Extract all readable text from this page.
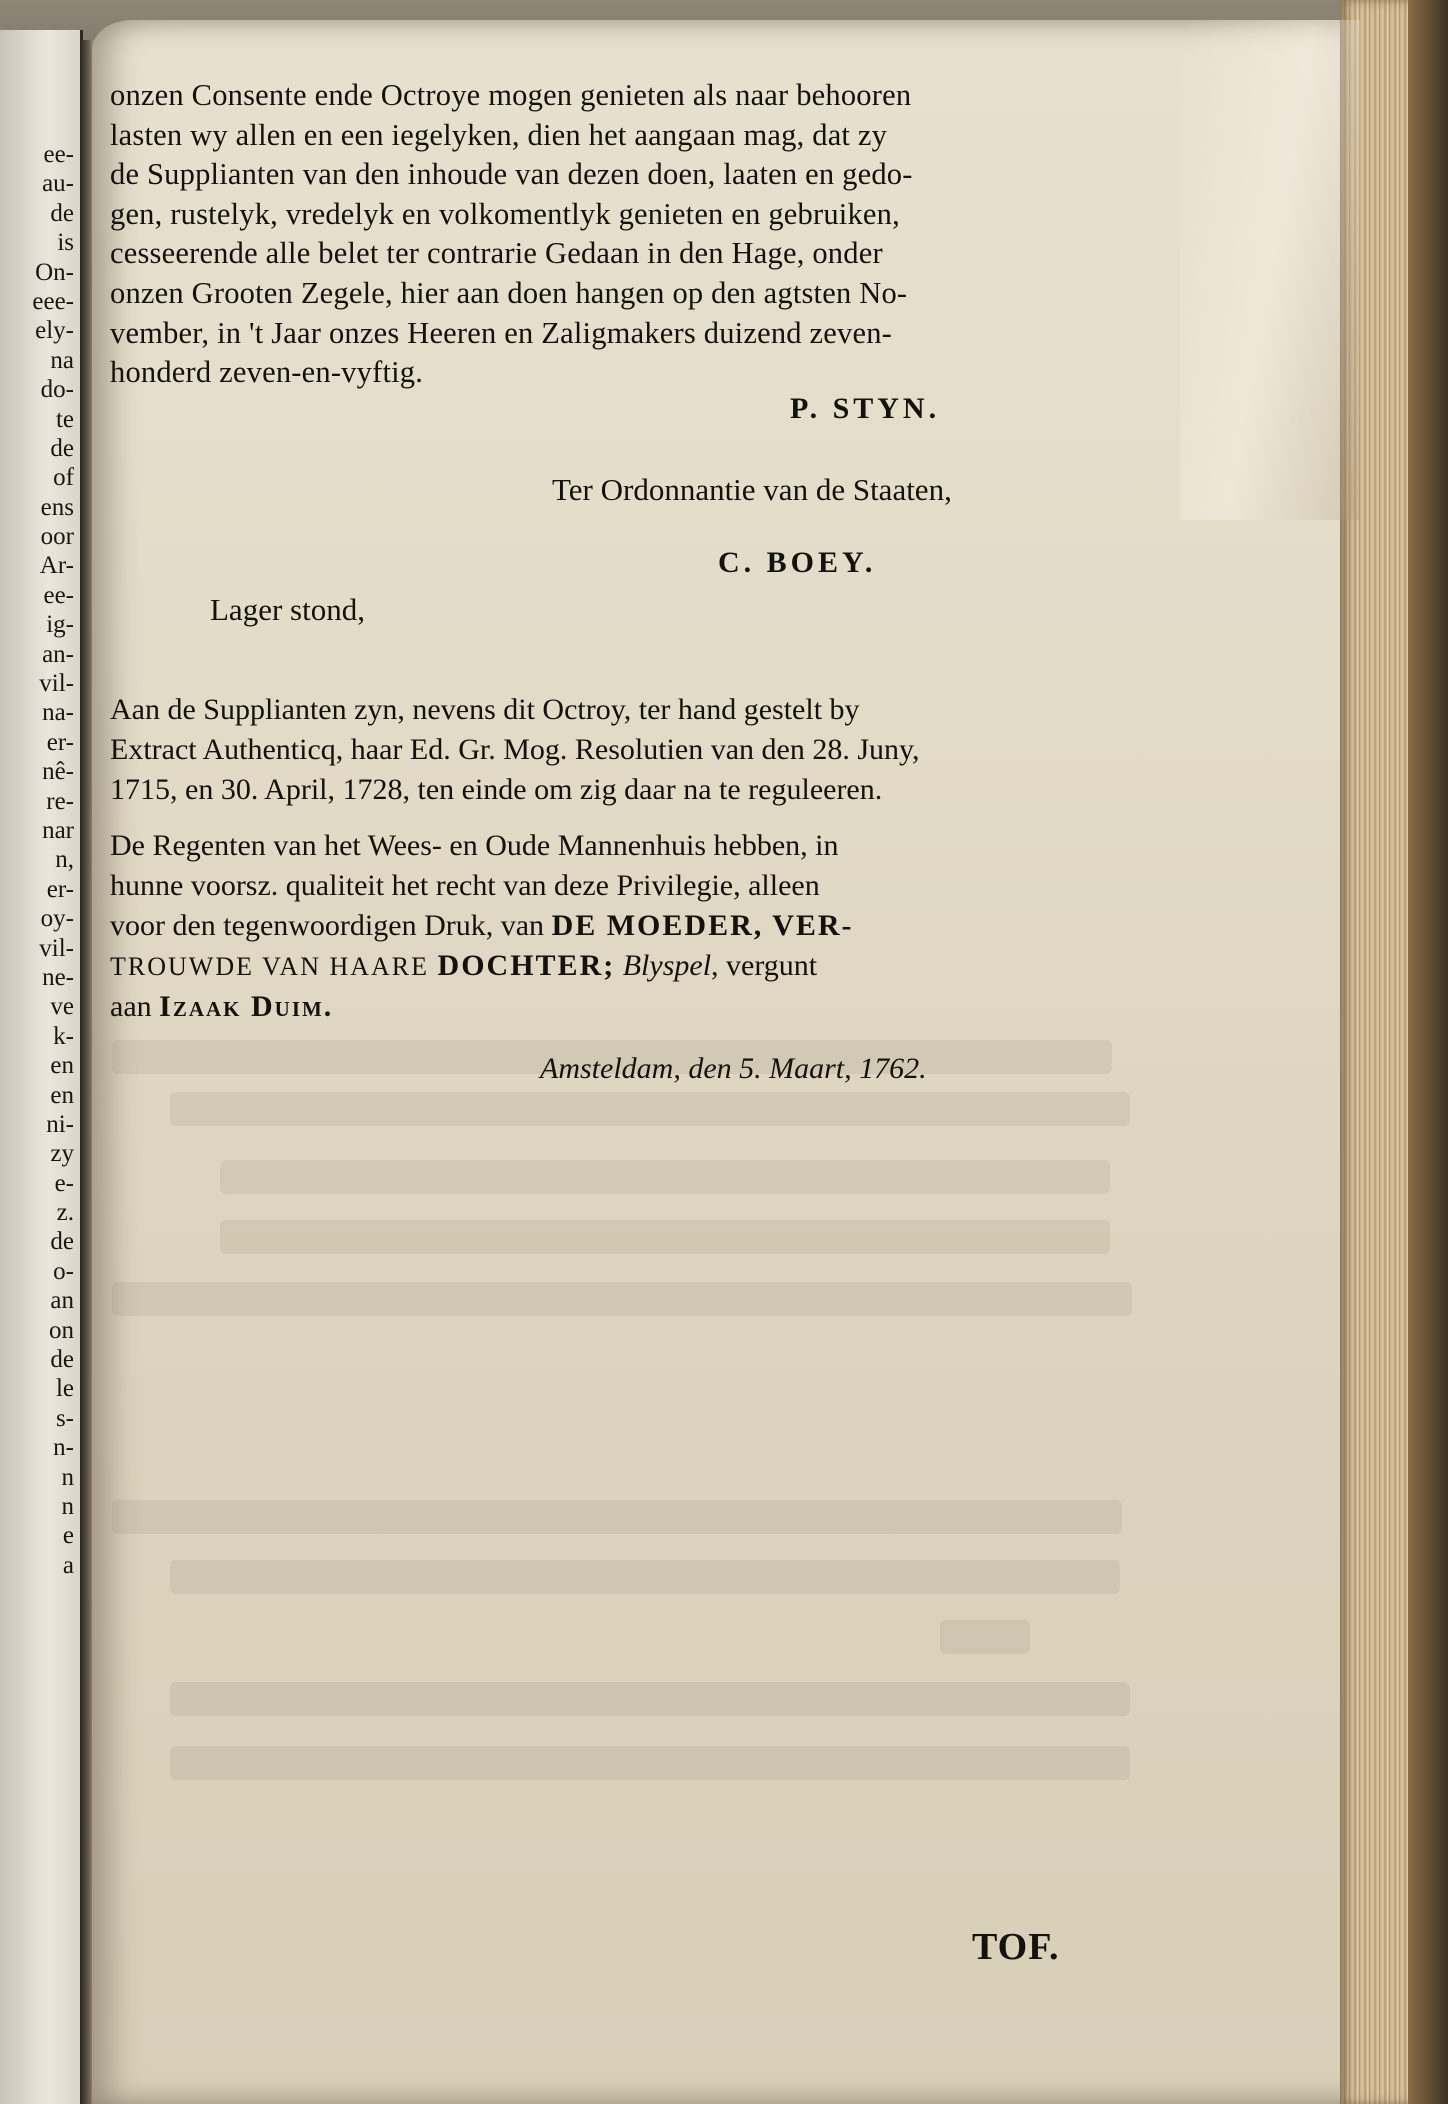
ee-
au-
de
is
On-
eee-
ely-
na
do-
te
de
of
ens
oor
Ar-
ee-
ig-
an-
vil-
na-
er-
nê-
re-
nar
n,
er-
oy-
vil-
ne-
ve
k-
en
en
ni-
zy
e-
z.
de
o-
an
on
de
le
s-
n-
n
n
e
a
onzen Consente ende Octroye mogen genieten als naar behooren
lasten wy allen en een iegelyken, dien het aangaan mag, dat zy
de Supplianten van den inhoude van dezen doen, laaten en gedo-
gen, rustelyk, vredelyk en volkomentlyk genieten en gebruiken,
cesseerende alle belet ter contrarie Gedaan in den Hage, onder
onzen Grooten Zegele, hier aan doen hangen op den agtsten No-
vember, in 't Jaar onzes Heeren en Zaligmakers duizend zeven-
honderd zeven-en-vyftig.
P. STYN.
Ter Ordonnantie van de Staaten,
C. BOEY.
Lager stond,
Aan de Supplianten zyn, nevens dit Octroy, ter hand gestelt by
Extract Authenticq, haar Ed. Gr. Mog. Resolutien van den 28. Juny,
1715, en 30. April, 1728, ten einde om zig daar na te reguleeren.
De Regenten van het Wees- en Oude Mannenhuis hebben, in
hunne voorsz. qualiteit het recht van deze Privilegie, alleen
voor den tegenwoordigen Druk, van DE MOEDER, VER-
TROUWDE VAN HAARE DOCHTER; Blyspel, vergunt
aan Izaak Duim.
Amsteldam, den 5. Maart, 1762.
TOF.
